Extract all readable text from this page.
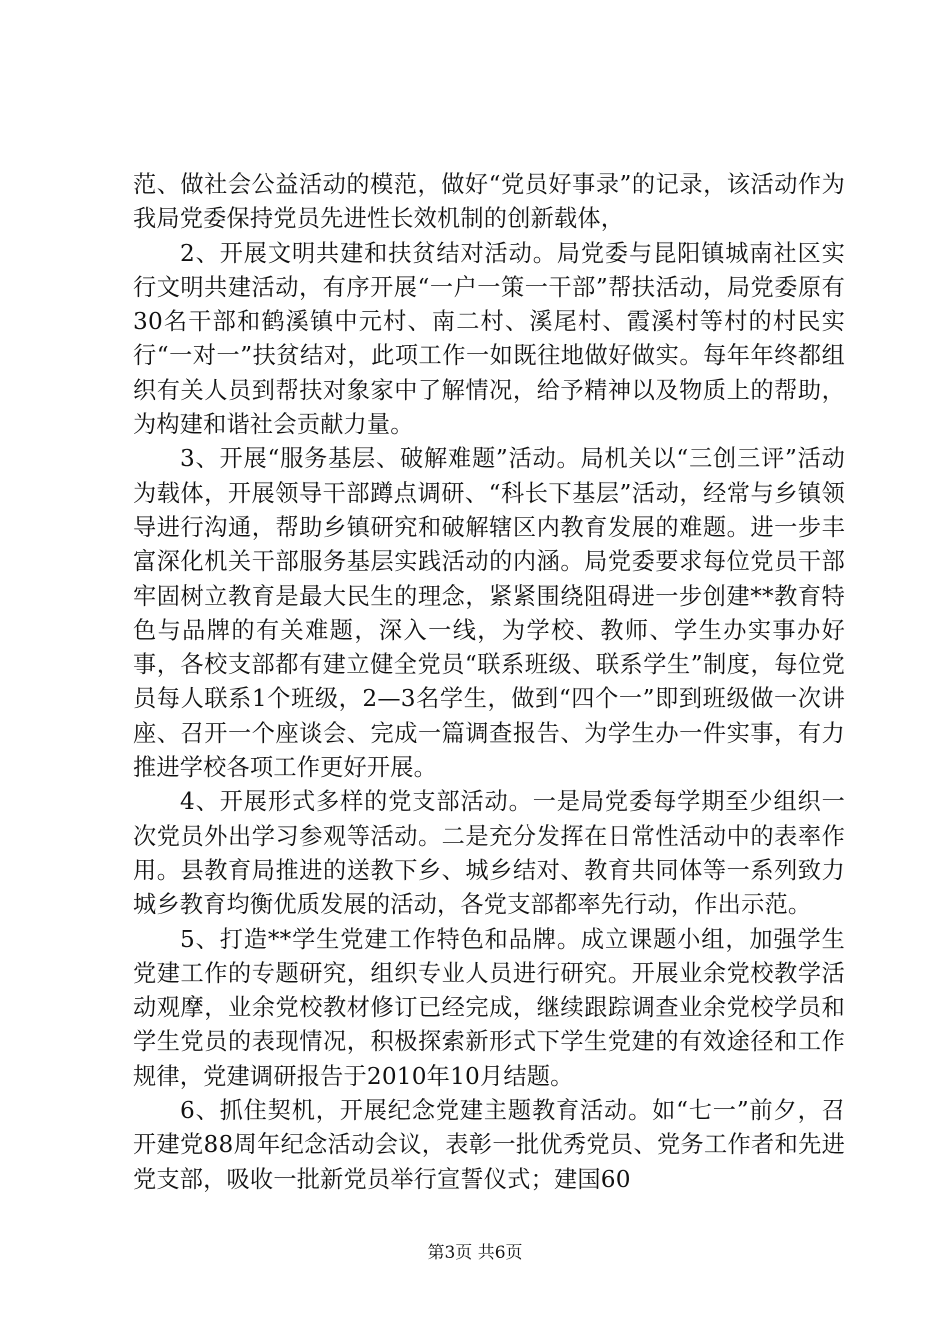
范、做社会公益活动的模范，做好“党员好事录”的记录，该活动作为我局党委保持党员先进性长效机制的创新载体，

2、开展文明共建和扶贫结对活动。局党委与昆阳镇城南社区实行文明共建活动，有序开展“一户一策一干部”帮扶活动，局党委原有30名干部和鹤溪镇中元村、南二村、溪尾村、霞溪村等村的村民实行“一对一”扶贫结对，此项工作一如既往地做好做实。每年年终都组织有关人员到帮扶对象家中了解情况，给予精神以及物质上的帮助，为构建和谐社会贡献力量。

3、开展“服务基层、破解难题”活动。局机关以“三创三评”活动为载体，开展领导干部蹲点调研、“科长下基层”活动，经常与乡镇领导进行沟通，帮助乡镇研究和破解辖区内教育发展的难题。进一步丰富深化机关干部服务基层实践活动的内涵。局党委要求每位党员干部牢固树立教育是最大民生的理念，紧紧围绕阻碍进一步创建**教育特色与品牌的有关难题，深入一线，为学校、教师、学生办实事办好事，各校支部都有建立健全党员“联系班级、联系学生”制度，每位党员每人联系1个班级，2—3名学生，做到“四个一”即到班级做一次讲座、召开一个座谈会、完成一篇调查报告、为学生办一件实事，有力推进学校各项工作更好开展。

4、开展形式多样的党支部活动。一是局党委每学期至少组织一次党员外出学习参观等活动。二是充分发挥在日常性活动中的表率作用。县教育局推进的送教下乡、城乡结对、教育共同体等一系列致力城乡教育均衡优质发展的活动，各党支部都率先行动，作出示范。

5、打造**学生党建工作特色和品牌。成立课题小组，加强学生党建工作的专题研究，组织专业人员进行研究。开展业余党校教学活动观摩，业余党校教材修订已经完成，继续跟踪调查业余党校学员和学生党员的表现情况，积极探索新形式下学生党建的有效途径和工作规律，党建调研报告于2010年10月结题。

6、抓住契机，开展纪念党建主题教育活动。如“七一”前夕，召开建党88周年纪念活动会议，表彰一批优秀党员、党务工作者和先进党支部，吸收一批新党员举行宣誓仪式；建国60

第3页 共6页
